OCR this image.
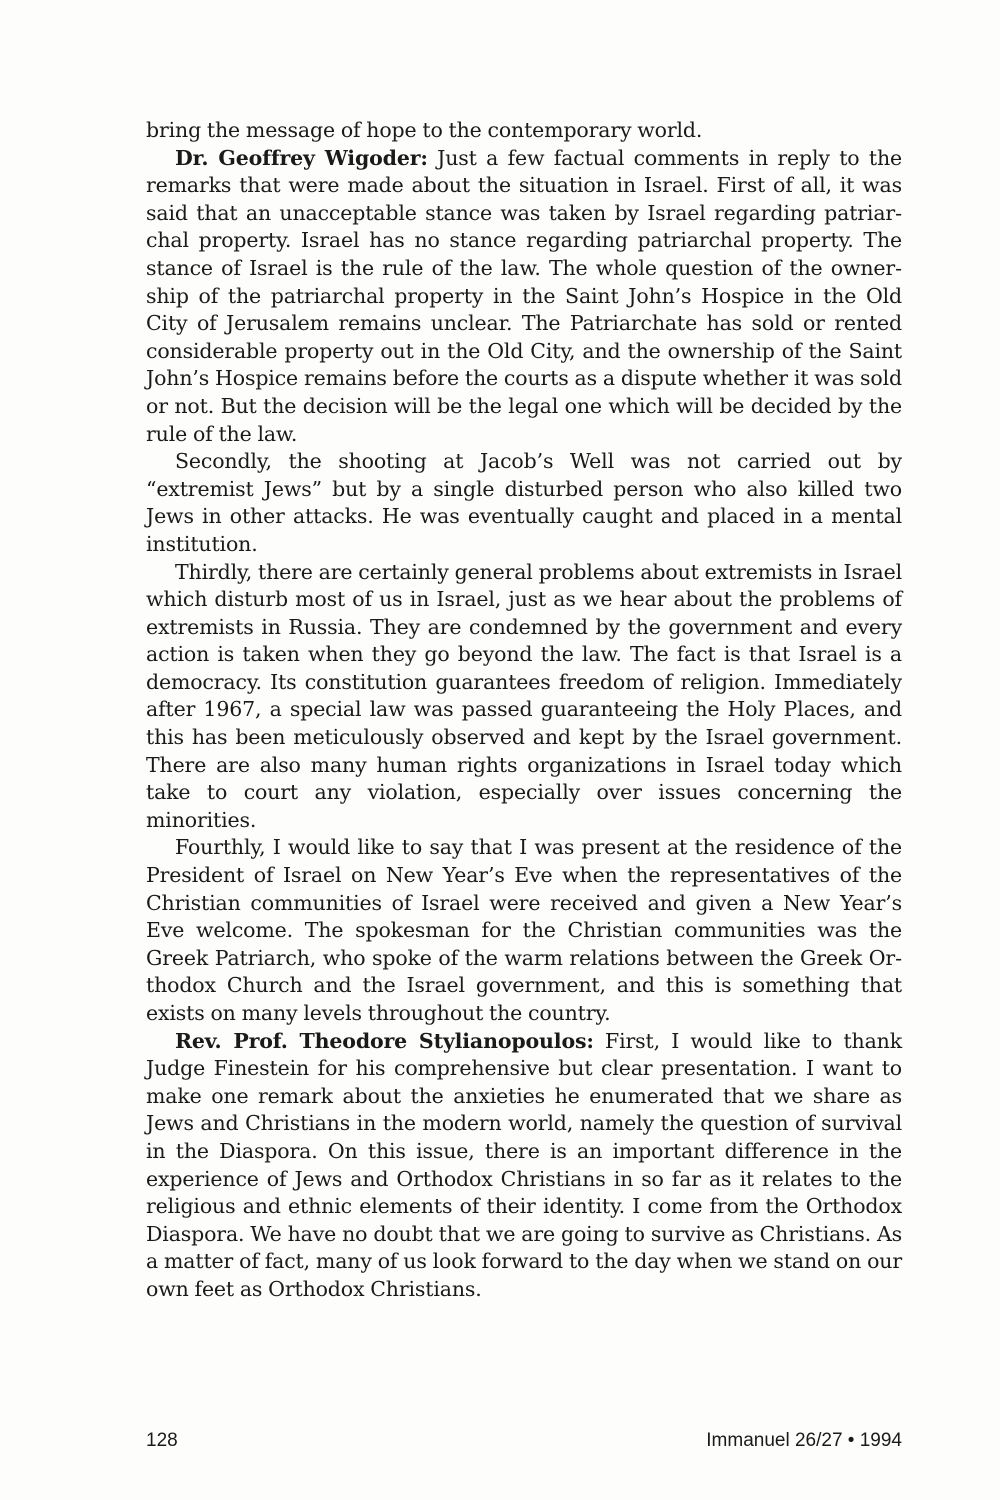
bring the message of hope to the contemporary world.

Dr. Geoffrey Wigoder: Just a few factual comments in reply to the remarks that were made about the situation in Israel. First of all, it was said that an unacceptable stance was taken by Israel regarding patriarchal property. Israel has no stance regarding patriarchal property. The stance of Israel is the rule of the law. The whole question of the ownership of the patriarchal property in the Saint John’s Hospice in the Old City of Jerusalem remains unclear. The Patriarchate has sold or rented considerable property out in the Old City, and the ownership of the Saint John’s Hospice remains before the courts as a dispute whether it was sold or not. But the decision will be the legal one which will be decided by the rule of the law.

Secondly, the shooting at Jacob’s Well was not carried out by “extremist Jews” but by a single disturbed person who also killed two Jews in other attacks. He was eventually caught and placed in a mental institution.

Thirdly, there are certainly general problems about extremists in Israel which disturb most of us in Israel, just as we hear about the problems of extremists in Russia. They are condemned by the government and every action is taken when they go beyond the law. The fact is that Israel is a democracy. Its constitution guarantees freedom of religion. Immediately after 1967, a special law was passed guaranteeing the Holy Places, and this has been meticulously observed and kept by the Israel government. There are also many human rights organizations in Israel today which take to court any violation, especially over issues concerning the minorities.

Fourthly, I would like to say that I was present at the residence of the President of Israel on New Year’s Eve when the representatives of the Christian communities of Israel were received and given a New Year’s Eve welcome. The spokesman for the Christian communities was the Greek Patriarch, who spoke of the warm relations between the Greek Orthodox Church and the Israel government, and this is something that exists on many levels throughout the country.

Rev. Prof. Theodore Stylianopoulos: First, I would like to thank Judge Finestein for his comprehensive but clear presentation. I want to make one remark about the anxieties he enumerated that we share as Jews and Christians in the modern world, namely the question of survival in the Diaspora. On this issue, there is an important difference in the experience of Jews and Orthodox Christians in so far as it relates to the religious and ethnic elements of their identity. I come from the Orthodox Diaspora. We have no doubt that we are going to survive as Christians. As a matter of fact, many of us look forward to the day when we stand on our own feet as Orthodox Christians.

128	Immanuel 26/27 • 1994
